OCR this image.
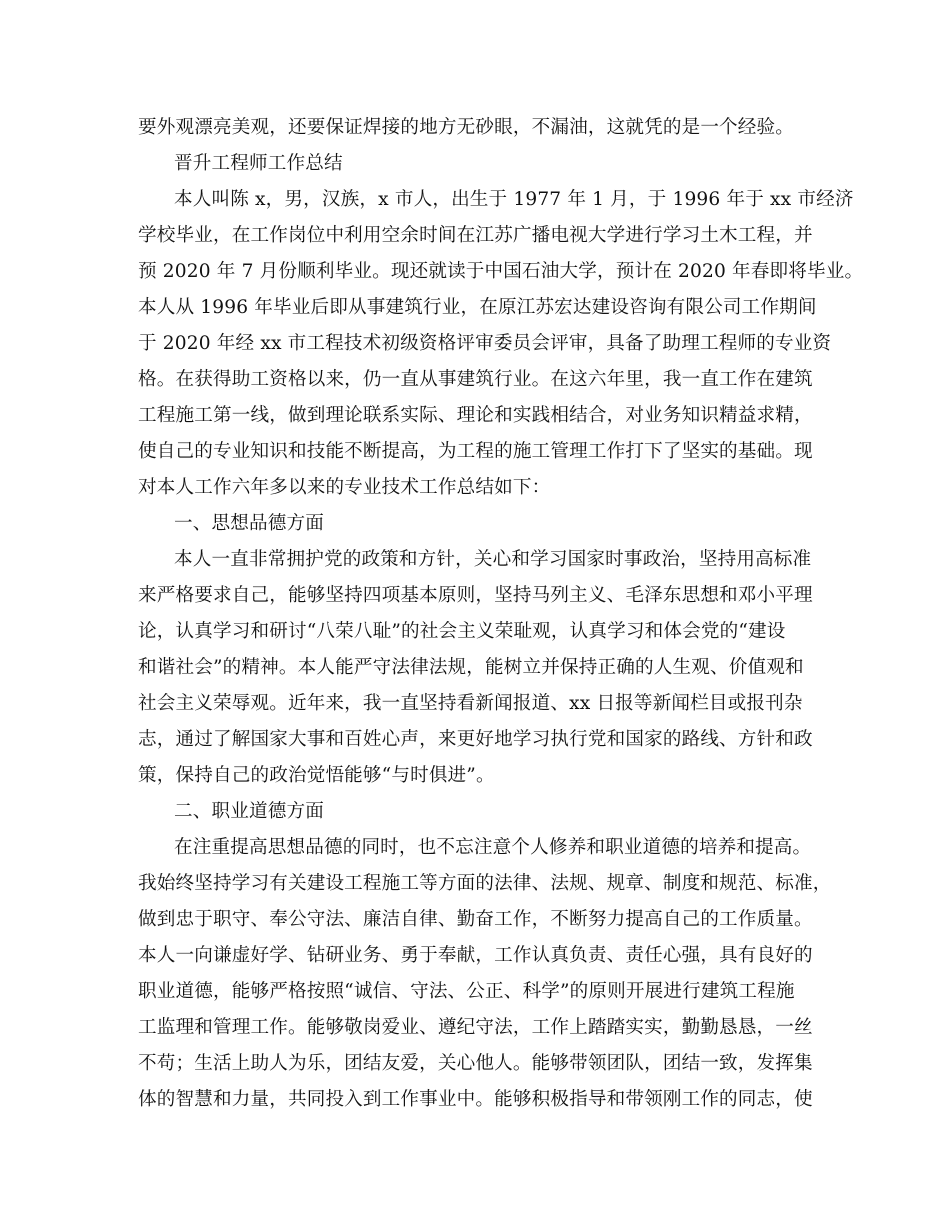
要外观漂亮美观，还要保证焊接的地方无砂眼，不漏油，这就凭的是一个经验。
晋升工程师工作总结
本人叫陈 x，男，汉族，x 市人，出生于 1977 年 1 月，于 1996 年于 xx 市经济
学校毕业，在工作岗位中利用空余时间在江苏广播电视大学进行学习土木工程，并
预 2020 年 7 月份顺利毕业。现还就读于中国石油大学，预计在 2020 年春即将毕业。
本人从 1996 年毕业后即从事建筑行业，在原江苏宏达建设咨询有限公司工作期间
于 2020 年经 xx 市工程技术初级资格评审委员会评审，具备了助理工程师的专业资
格。在获得助工资格以来，仍一直从事建筑行业。在这六年里，我一直工作在建筑
工程施工第一线，做到理论联系实际、理论和实践相结合，对业务知识精益求精，
使自己的专业知识和技能不断提高，为工程的施工管理工作打下了坚实的基础。现
对本人工作六年多以来的专业技术工作总结如下：
一、思想品德方面
本人一直非常拥护党的政策和方针，关心和学习国家时事政治，坚持用高标准
来严格要求自己，能够坚持四项基本原则，坚持马列主义、毛泽东思想和邓小平理
论，认真学习和研讨“八荣八耻”的社会主义荣耻观，认真学习和体会党的“建设
和谐社会”的精神。本人能严守法律法规，能树立并保持正确的人生观、价值观和
社会主义荣辱观。近年来，我一直坚持看新闻报道、xx 日报等新闻栏目或报刊杂
志，通过了解国家大事和百姓心声，来更好地学习执行党和国家的路线、方针和政
策，保持自己的政治觉悟能够“与时俱进”。
二、职业道德方面
在注重提高思想品德的同时，也不忘注意个人修养和职业道德的培养和提高。
我始终坚持学习有关建设工程施工等方面的法律、法规、规章、制度和规范、标准，
做到忠于职守、奉公守法、廉洁自律、勤奋工作，不断努力提高自己的工作质量。
本人一向谦虚好学、钻研业务、勇于奉献，工作认真负责、责任心强，具有良好的
职业道德，能够严格按照“诚信、守法、公正、科学”的原则开展进行建筑工程施
工监理和管理工作。能够敬岗爱业、遵纪守法，工作上踏踏实实，勤勤恳恳，一丝
不苟；生活上助人为乐，团结友爱，关心他人。能够带领团队，团结一致，发挥集
体的智慧和力量，共同投入到工作事业中。能够积极指导和带领刚工作的同志，使
